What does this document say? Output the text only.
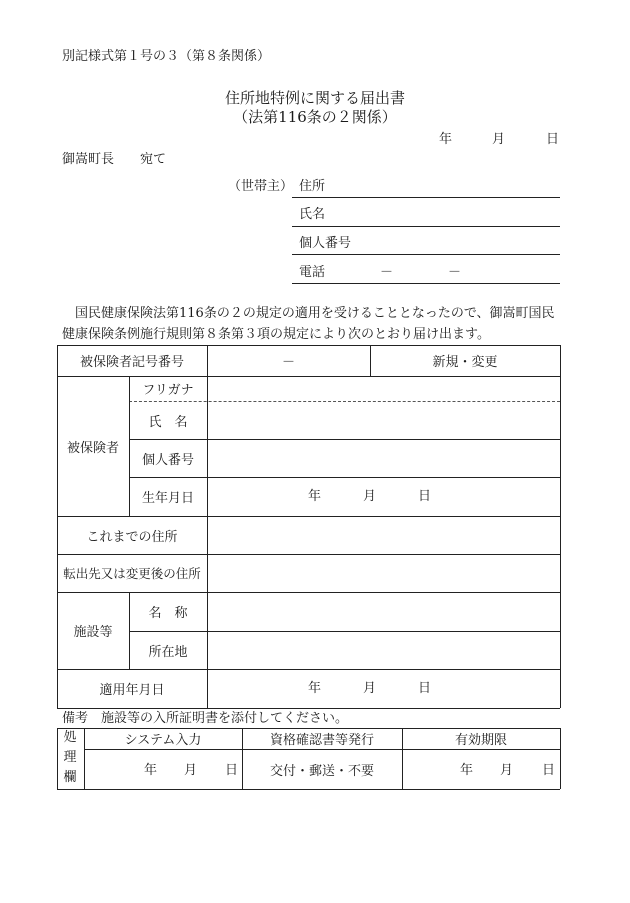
別記様式第１号の３（第８条関係）
住所地特例に関する届出書
（法第116条の２関係）
年	月	日
御嵩町長　　宛て
（世帯主） 住所
氏名
個人番号
電話	－	－
国民健康保険法第116条の２の規定の適用を受けることとなったので、御嵩町国民
健康保険条例施行規則第８条第３項の規定により次のとおり届け出ます。
被保険者記号番号	－	新規・変更
被保険者
フリガナ
氏　名
個人番号
生年月日	年	月	日
これまでの住所
転出先又は変更後の住所
施設等
名　称
所在地
適用年月日	年	月	日
備考　施設等の入所証明書を添付してください。
処理欄
システム入力	資格確認書等発行	有効期限
年 月 日	交付・郵送・不要	年 月 日
